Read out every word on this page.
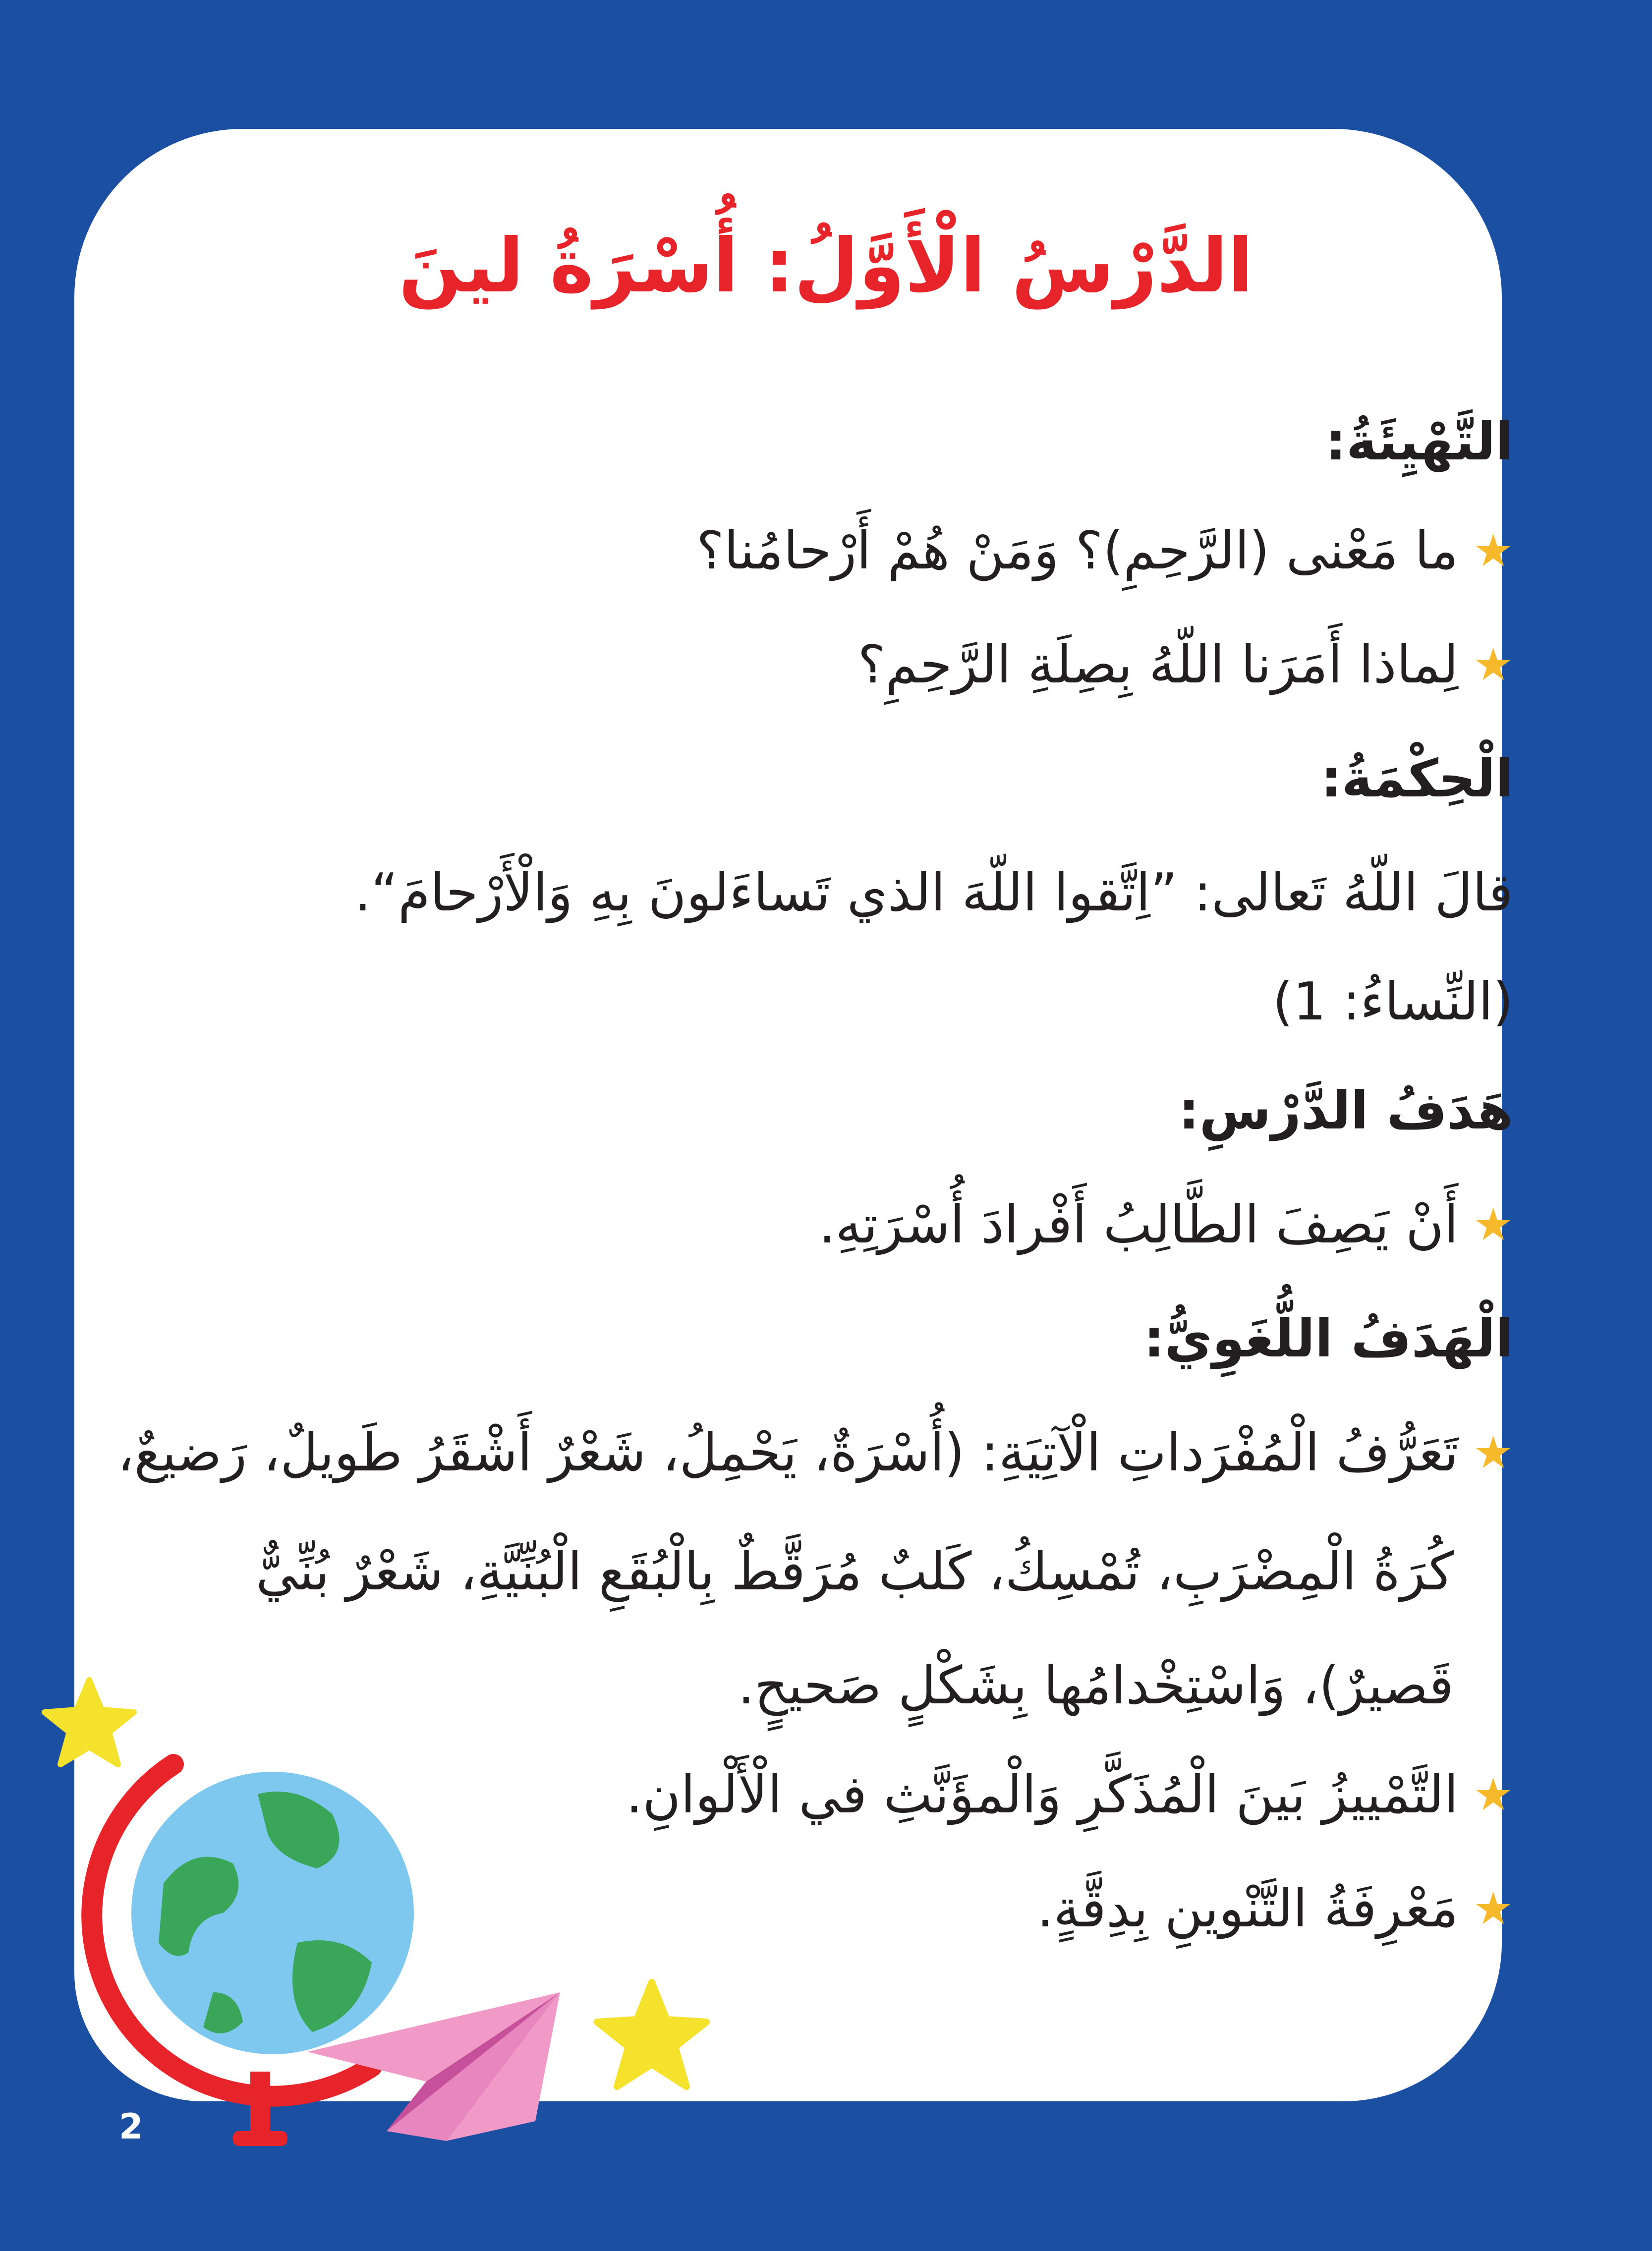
الدَّرْسُ الْأَوَّلُ: أُسْرَةُ لينَ
التَّهْيِئَةُ:
★
ما مَعْنى (الرَّحِمِ)؟ وَمَنْ هُمْ أَرْحامُنا؟
★
لِماذا أَمَرَنا اللّهُ بِصِلَةِ الرَّحِمِ؟
الْحِكْمَةُ:
قالَ اللّهُ تَعالى: ”اِتَّقوا اللّهَ الذي تَساءَلونَ بِهِ وَالْأَرْحامَ“.
(النِّساءُ: 1)
هَدَفُ الدَّرْسِ:
★
أَنْ يَصِفَ الطَّالِبُ أَفْرادَ أُسْرَتِهِ.
الْهَدَفُ اللُّغَوِيُّ:
★
تَعَرُّفُ الْمُفْرَداتِ الْآتِيَةِ: (أُسْرَةٌ، يَحْمِلُ، شَعْرٌ أَشْقَرُ طَويلٌ، رَضيعٌ،
كُرَةُ الْمِضْرَبِ، تُمْسِكُ، كَلبٌ مُرَقَّطٌ بِالْبُقَعِ الْبُنِّيَّةِ، شَعْرٌ بُنِّيٌّ
قَصيرٌ)، وَاسْتِخْدامُها بِشَكْلٍ صَحيحٍ.
★
التَّمْييزُ بَينَ الْمُذَكَّرِ وَالْمؤَنَّثِ في الْأَلْوانِ.
★
مَعْرِفَةُ التَّنْوينِ بِدِقَّةٍ.
2
